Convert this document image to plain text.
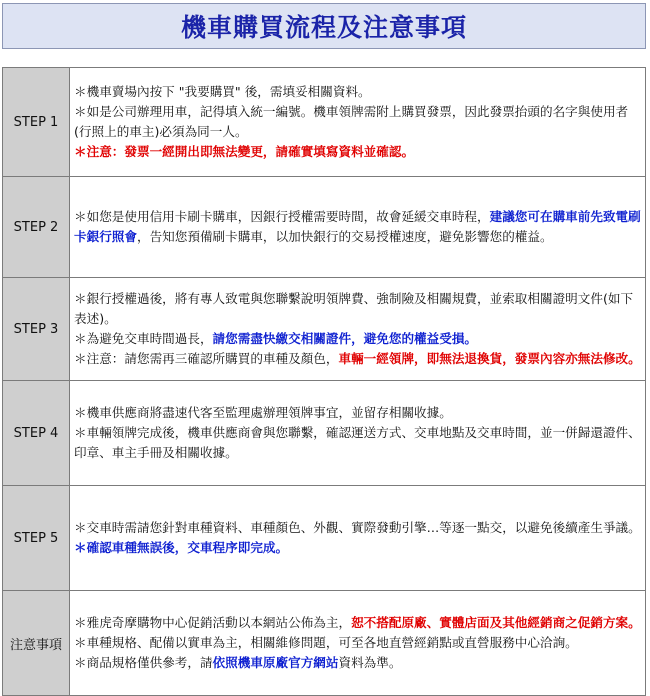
機車購買流程及注意事項
STEP 1	＊機車賣場內按下 "我要購買" 後，需填妥相關資料。
＊如是公司辦理用車，記得填入統一編號。機車領牌需附上購買發票，因此發票抬頭的名字與使用者(行照上的車主)必須為同一人。
＊注意：發票一經開出即無法變更，請確實填寫資料並確認。

STEP 2	＊如您是使用信用卡刷卡購車，因銀行授權需要時間，故會延緩交車時程，建議您可在購車前先致電刷卡銀行照會，告知您預備刷卡購車，以加快銀行的交易授權速度，避免影響您的權益。

STEP 3	＊銀行授權過後，將有專人致電與您聯繫說明領牌費、強制險及相關規費，並索取相關證明文件(如下表述)。
＊為避免交車時間過長，請您需盡快繳交相關證件，避免您的權益受損。
＊注意：請您需再三確認所購買的車種及顏色，車輛一經領牌，即無法退換貨，發票內容亦無法修改。

STEP 4	＊機車供應商將盡速代客至監理處辦理領牌事宜，並留存相關收據。
＊車輛領牌完成後，機車供應商會與您聯繫，確認運送方式、交車地點及交車時間，並一併歸還證件、印章、車主手冊及相關收據。

STEP 5	＊交車時需請您針對車種資料、車種顏色、外觀、實際發動引擎…等逐一點交，以避免後續產生爭議。
＊確認車種無誤後，交車程序即完成。

注意事項	＊雅虎奇摩購物中心促銷活動以本網站公佈為主，恕不搭配原廠、實體店面及其他經銷商之促銷方案。
＊車種規格、配備以實車為主，相關維修問題，可至各地直營經銷點或直營服務中心洽詢。
＊商品規格僅供參考，請依照機車原廠官方網站資料為準。
